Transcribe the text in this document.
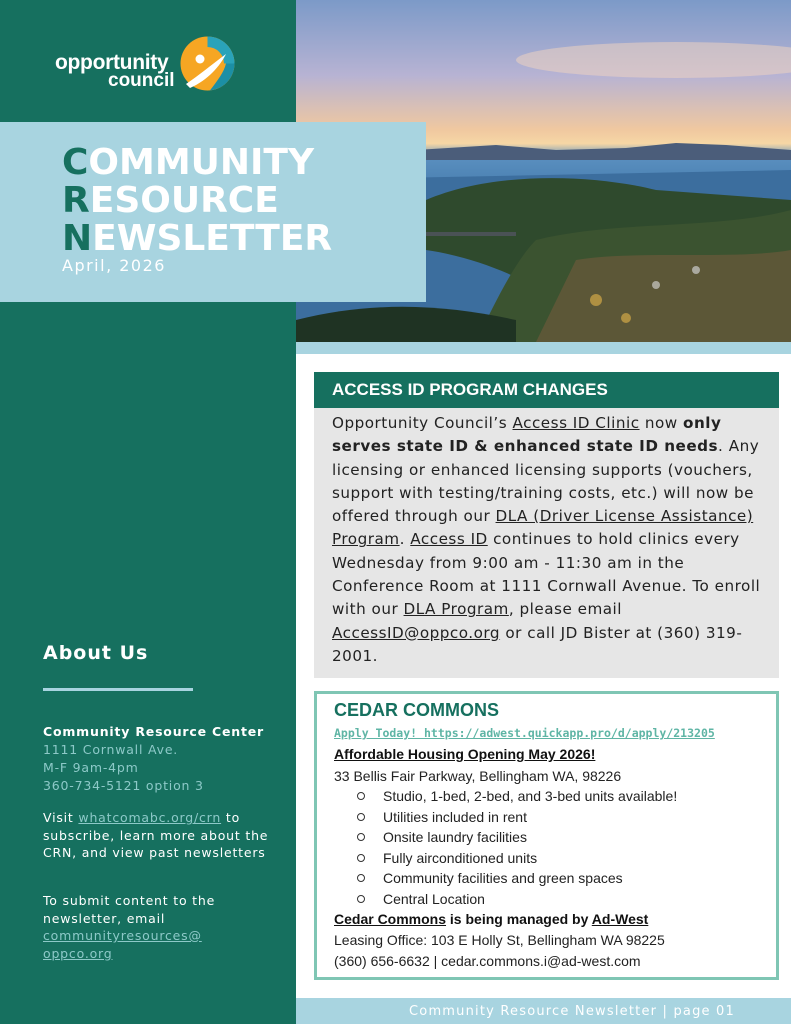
opportunity
council
COMMUNITY
RESOURCE
NEWSLETTER
April, 2026
About Us
Community Resource Center
1111 Cornwall Ave.
M-F 9am-4pm
360-734-5121 option 3
Visit whatcomabc.org/crn to subscribe, learn more about the CRN, and view past newsletters
To submit content to the newsletter, email communityresources@ oppco.org
ACCESS ID PROGRAM CHANGES
Opportunity Council’s Access ID Clinic now only serves state ID & enhanced state ID needs. Any licensing or enhanced licensing supports (vouchers, support with testing/training costs, etc.) will now be offered through our DLA (Driver License Assistance) Program. Access ID continues to hold clinics every Wednesday from 9:00 am - 11:30 am in the Conference Room at 1111 Cornwall Avenue. To enroll with our DLA Program, please email AccessID@oppco.org or call JD Bister at (360) 319-2001.
CEDAR COMMONS
Apply Today! https://adwest.quickapp.pro/d/apply/213205
Affordable Housing Opening May 2026!
33 Bellis Fair Parkway, Bellingham WA, 98226
Studio, 1-bed, 2-bed, and 3-bed units available!
Utilities included in rent
Onsite laundry facilities
Fully airconditioned units
Community facilities and green spaces
Central Location
Cedar Commons is being managed by Ad-West
Leasing Office: 103 E Holly St, Bellingham WA 98225
(360) 656-6632 | cedar.commons.i@ad-west.com
Community Resource Newsletter | page 01
